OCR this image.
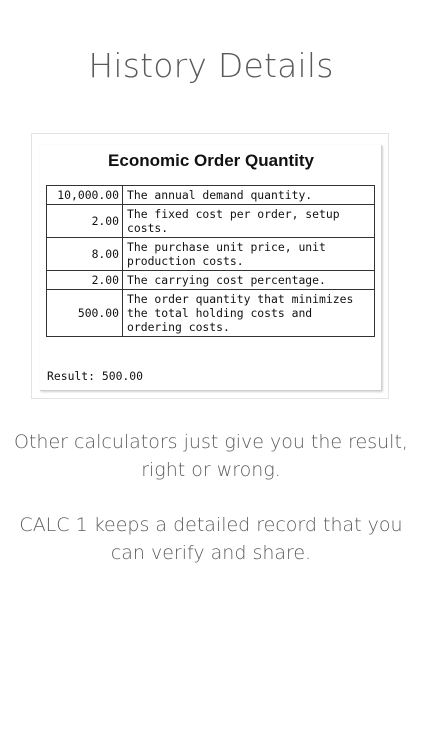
History Details
Economic Order Quantity
10,000.00	The annual demand quantity.
2.00	The fixed cost per order, setup costs.
8.00	The purchase unit price, unit production costs.
2.00	The carrying cost percentage.
500.00	The order quantity that minimizes the total holding costs and ordering costs.
Result: 500.00
Other calculators just give you the result, right or wrong.
CALC 1 keeps a detailed record that you can verify and share.
